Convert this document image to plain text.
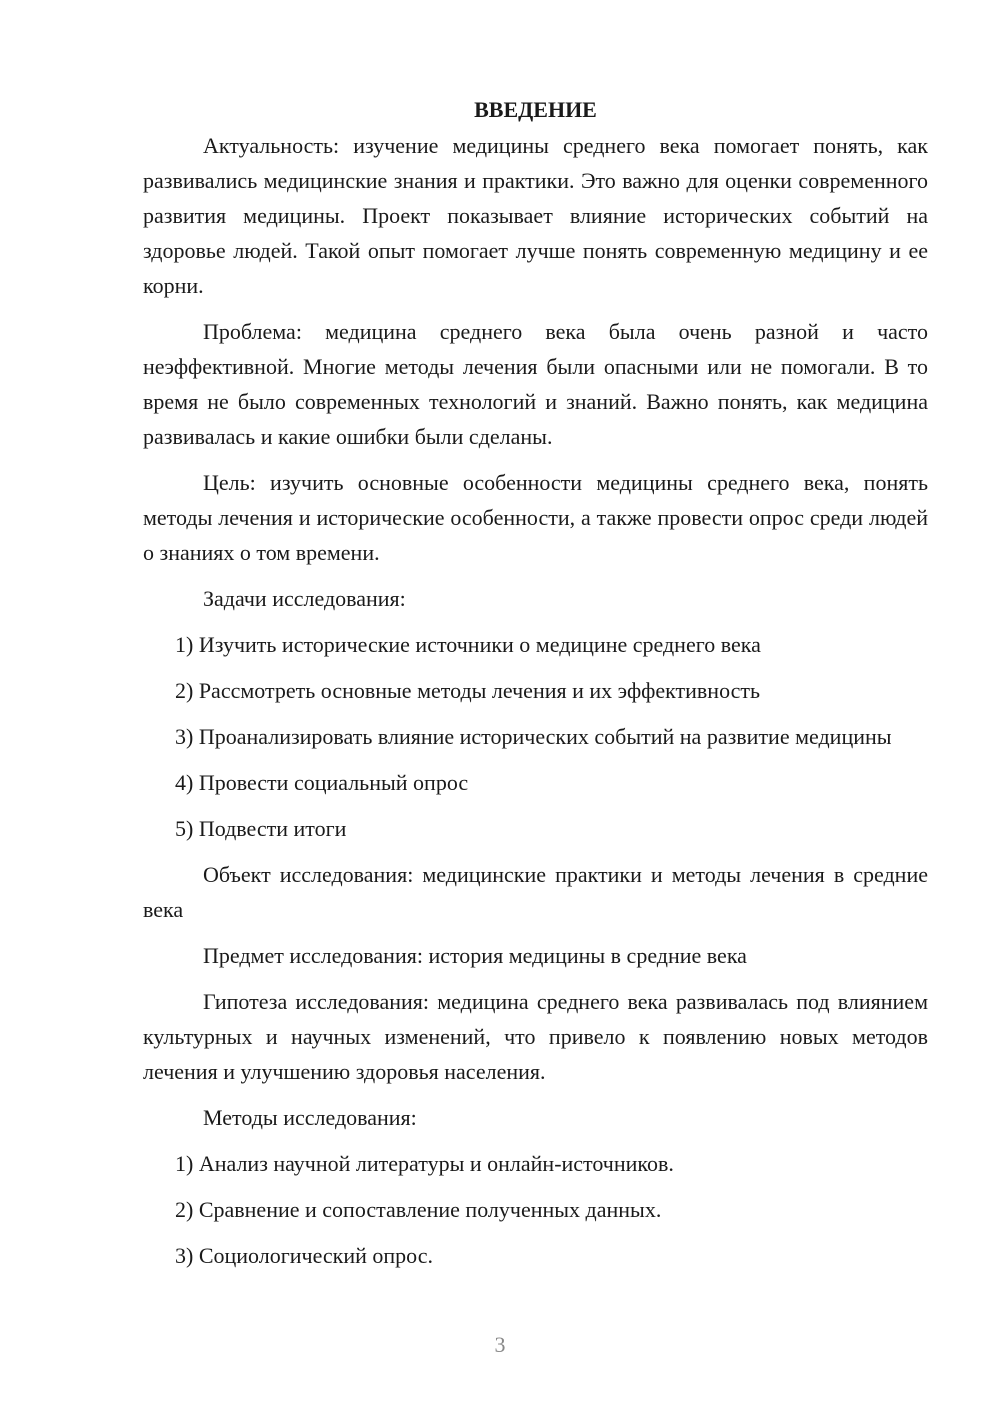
ВВЕДЕНИЕ

Актуальность: изучение медицины среднего века помогает понять, как развивались медицинские знания и практики. Это важно для оценки современного развития медицины. Проект показывает влияние исторических событий на здоровье людей. Такой опыт помогает лучше понять современную медицину и ее корни.

Проблема: медицина среднего века была очень разной и часто неэффективной. Многие методы лечения были опасными или не помогали. В то время не было современных технологий и знаний. Важно понять, как медицина развивалась и какие ошибки были сделаны.

Цель: изучить основные особенности медицины среднего века, понять методы лечения и исторические особенности, а также провести опрос среди людей о знаниях о том времени.

Задачи исследования:

1) Изучить исторические источники о медицине среднего века

2) Рассмотреть основные методы лечения и их эффективность

3) Проанализировать влияние исторических событий на развитие медицины

4) Провести социальный опрос

5) Подвести итоги

Объект исследования: медицинские практики и методы лечения в средние века

Предмет исследования: история медицины в средние века

Гипотеза исследования: медицина среднего века развивалась под влиянием культурных и научных изменений, что привело к появлению новых методов лечения и улучшению здоровья населения.

Методы исследования:

1) Анализ научной литературы и онлайн-источников.

2) Сравнение и сопоставление полученных данных.

3) Социологический опрос.

3
